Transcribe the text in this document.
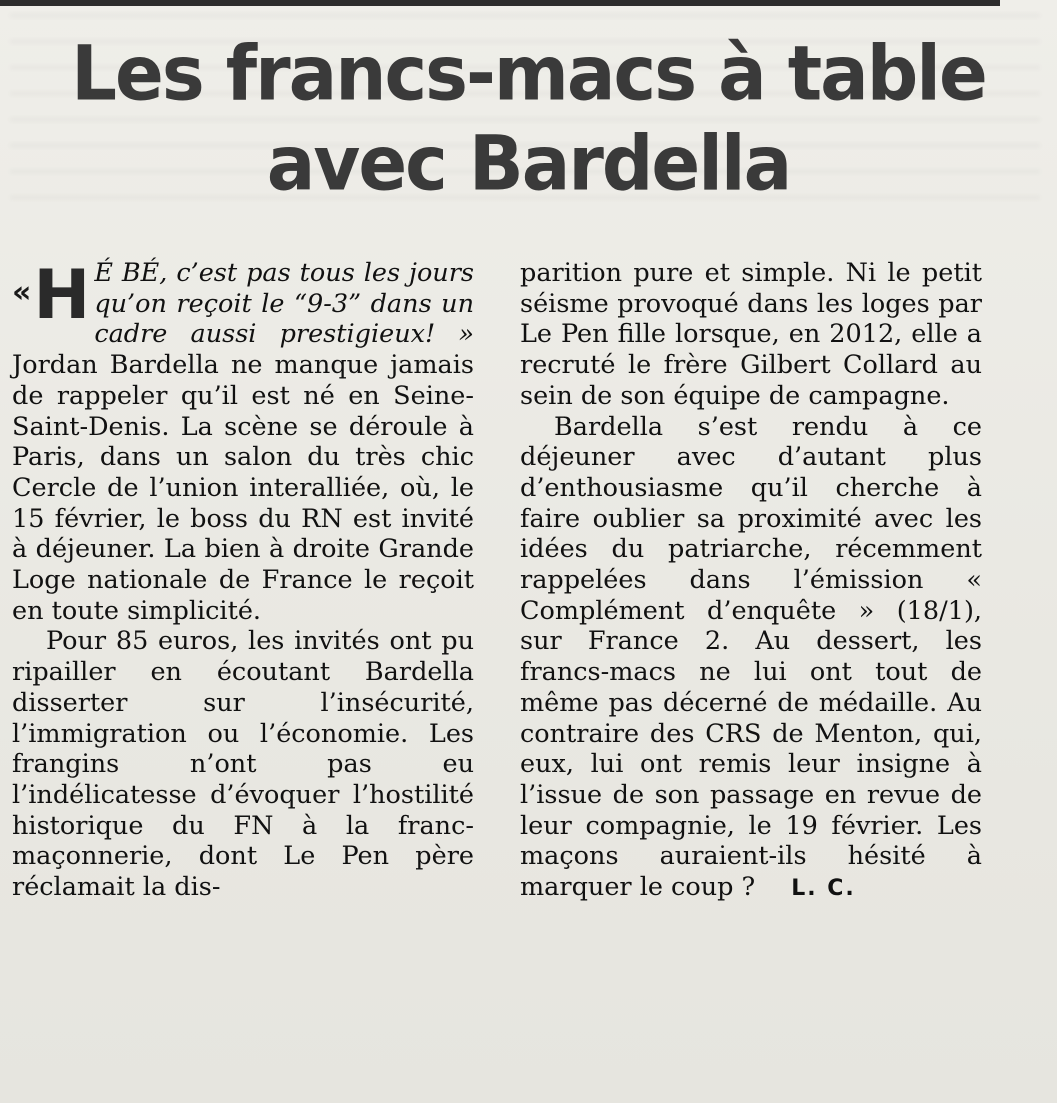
Les francs-macs à table
avec Bardella

« H É BÉ, c’est pas tous les jours qu’on reçoit le “9-3” dans un cadre aussi prestigieux! » Jordan Bardella ne manque jamais de rappeler qu’il est né en Seine-Saint-Denis. La scène se déroule à Paris, dans un salon du très chic Cercle de l’union interalliée, où, le 15 février, le boss du RN est invité à déjeuner. La bien à droite Grande Loge nationale de France le reçoit en toute simplicité.

Pour 85 euros, les invités ont pu ripailler en écoutant Bardella disserter sur l’insécurité, l’immigration ou l’économie. Les frangins n’ont pas eu l’indélicatesse d’évoquer l’hostilité historique du FN à la franc-maçonnerie, dont Le Pen père réclamait la dis-

parition pure et simple. Ni le petit séisme provoqué dans les loges par Le Pen fille lorsque, en 2012, elle a recruté le frère Gilbert Collard au sein de son équipe de campagne.

Bardella s’est rendu à ce déjeuner avec d’autant plus d’enthousiasme qu’il cherche à faire oublier sa proximité avec les idées du patriarche, récemment rappelées dans l’émission « Complément d’enquête » (18/1), sur France 2. Au dessert, les francs-macs ne lui ont tout de même pas décerné de médaille. Au contraire des CRS de Menton, qui, eux, lui ont remis leur insigne à l’issue de son passage en revue de leur compagnie, le 19 février. Les maçons auraient-ils hésité à marquer le coup ? L. C.
